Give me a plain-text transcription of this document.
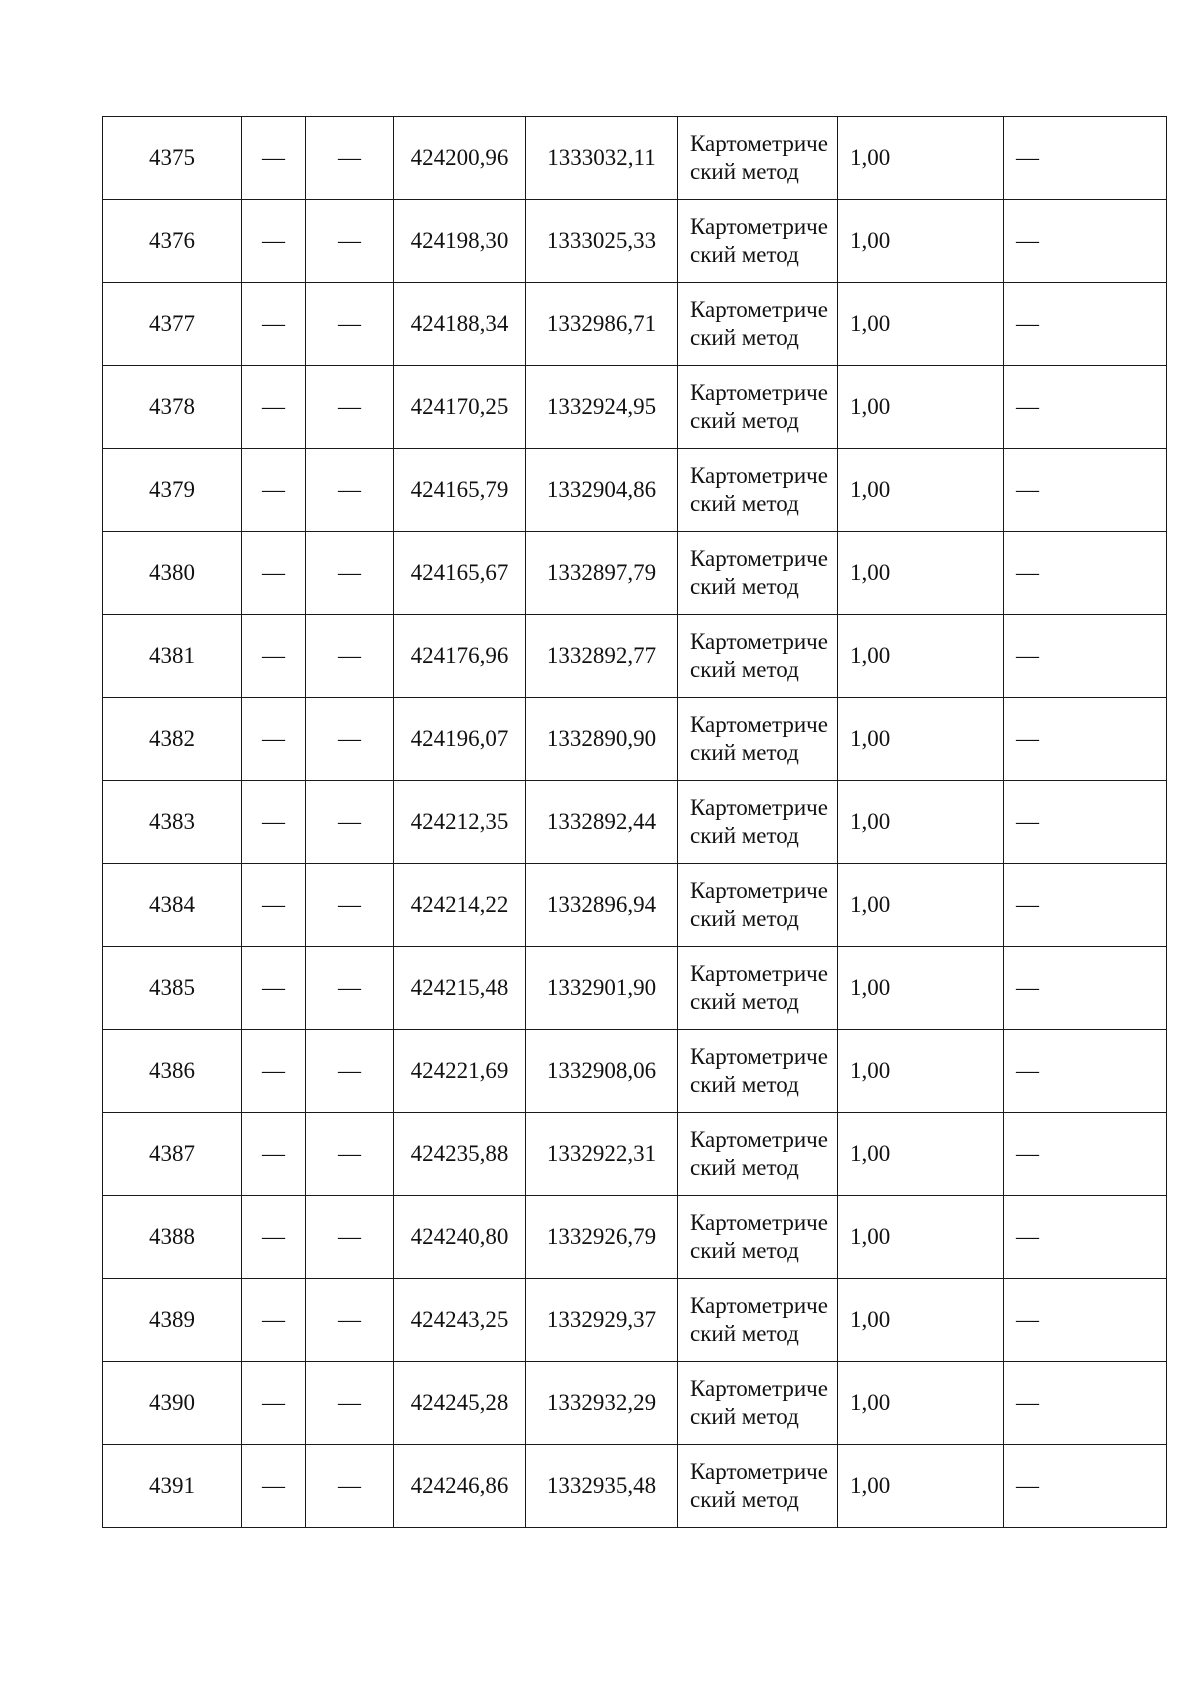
4375	—	—	424200,96	1333032,11	Картометрический метод	1,00	—
4376	—	—	424198,30	1333025,33	Картометрический метод	1,00	—
4377	—	—	424188,34	1332986,71	Картометрический метод	1,00	—
4378	—	—	424170,25	1332924,95	Картометрический метод	1,00	—
4379	—	—	424165,79	1332904,86	Картометрический метод	1,00	—
4380	—	—	424165,67	1332897,79	Картометрический метод	1,00	—
4381	—	—	424176,96	1332892,77	Картометрический метод	1,00	—
4382	—	—	424196,07	1332890,90	Картометрический метод	1,00	—
4383	—	—	424212,35	1332892,44	Картометрический метод	1,00	—
4384	—	—	424214,22	1332896,94	Картометрический метод	1,00	—
4385	—	—	424215,48	1332901,90	Картометрический метод	1,00	—
4386	—	—	424221,69	1332908,06	Картометрический метод	1,00	—
4387	—	—	424235,88	1332922,31	Картометрический метод	1,00	—
4388	—	—	424240,80	1332926,79	Картометрический метод	1,00	—
4389	—	—	424243,25	1332929,37	Картометрический метод	1,00	—
4390	—	—	424245,28	1332932,29	Картометрический метод	1,00	—
4391	—	—	424246,86	1332935,48	Картометрический метод	1,00	—
